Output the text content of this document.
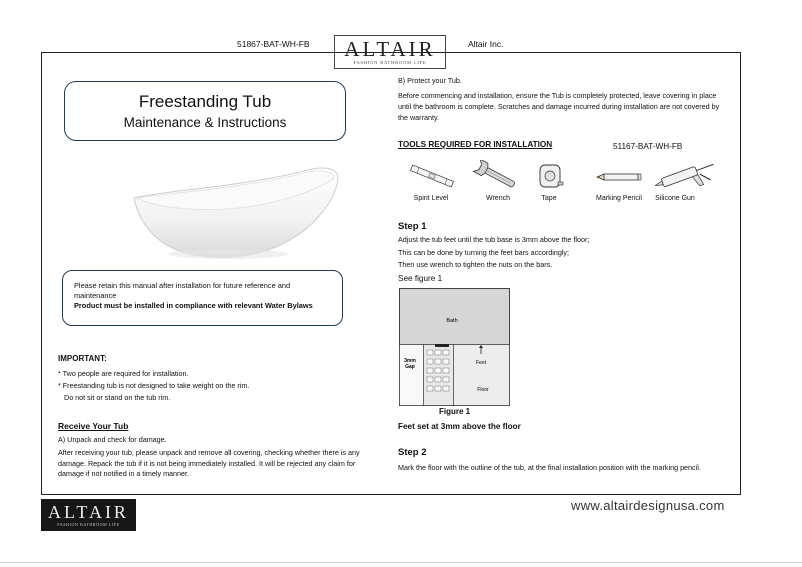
51867-BAT-WH-FB	ALTAIR
FASHION BATHROOM LIFE
Altair Inc.
Freestanding Tub
Maintenance & Instructions
Please retain this manual after installation for future reference and maintenance
Product must be installed in compliance with relevant Water Bylaws
IMPORTANT:
* Two people are required for installation.
* Freestanding tub is not designed to take weight on the rim.
Do not sit or stand on the tub rim.
Receive Your Tub
A) Unpack and check for damage.
After receiving your tub, please unpack and remove all covering, checking whether there is any damage. Repack the tub if it is not being immediately installed. It will be rejected any claim for damage if not notified in a timely manner.
B) Protect your Tub.
Before commencing and installation, ensure the Tub is completely protected, leave covering in place until the bathroom is complete. Scratches and damage incurred during installation are not covered by the warranty.
TOOLS REQUIRED FOR INSTALLATION	51167-BAT-WH-FB
Spirit Level	Wrench	Tape	Marking Pencil	Silicone Gun
Step 1
Adjust the tub feet until the tub base is 3mm above the floor;
This can be done by turning the feet bars accordingly;
Then use wrench to tighten the nuts on the bars.
See figure 1
Bath
3mm
Gap
Feet
Floor
Figure 1
Feet set at 3mm above the floor
Step 2
Mark the floor with the outline of the tub, at the final installation position with the marking pencil.
www.altairdesignusa.com
ALTAIR
FASHION BATHROOM LIFE
